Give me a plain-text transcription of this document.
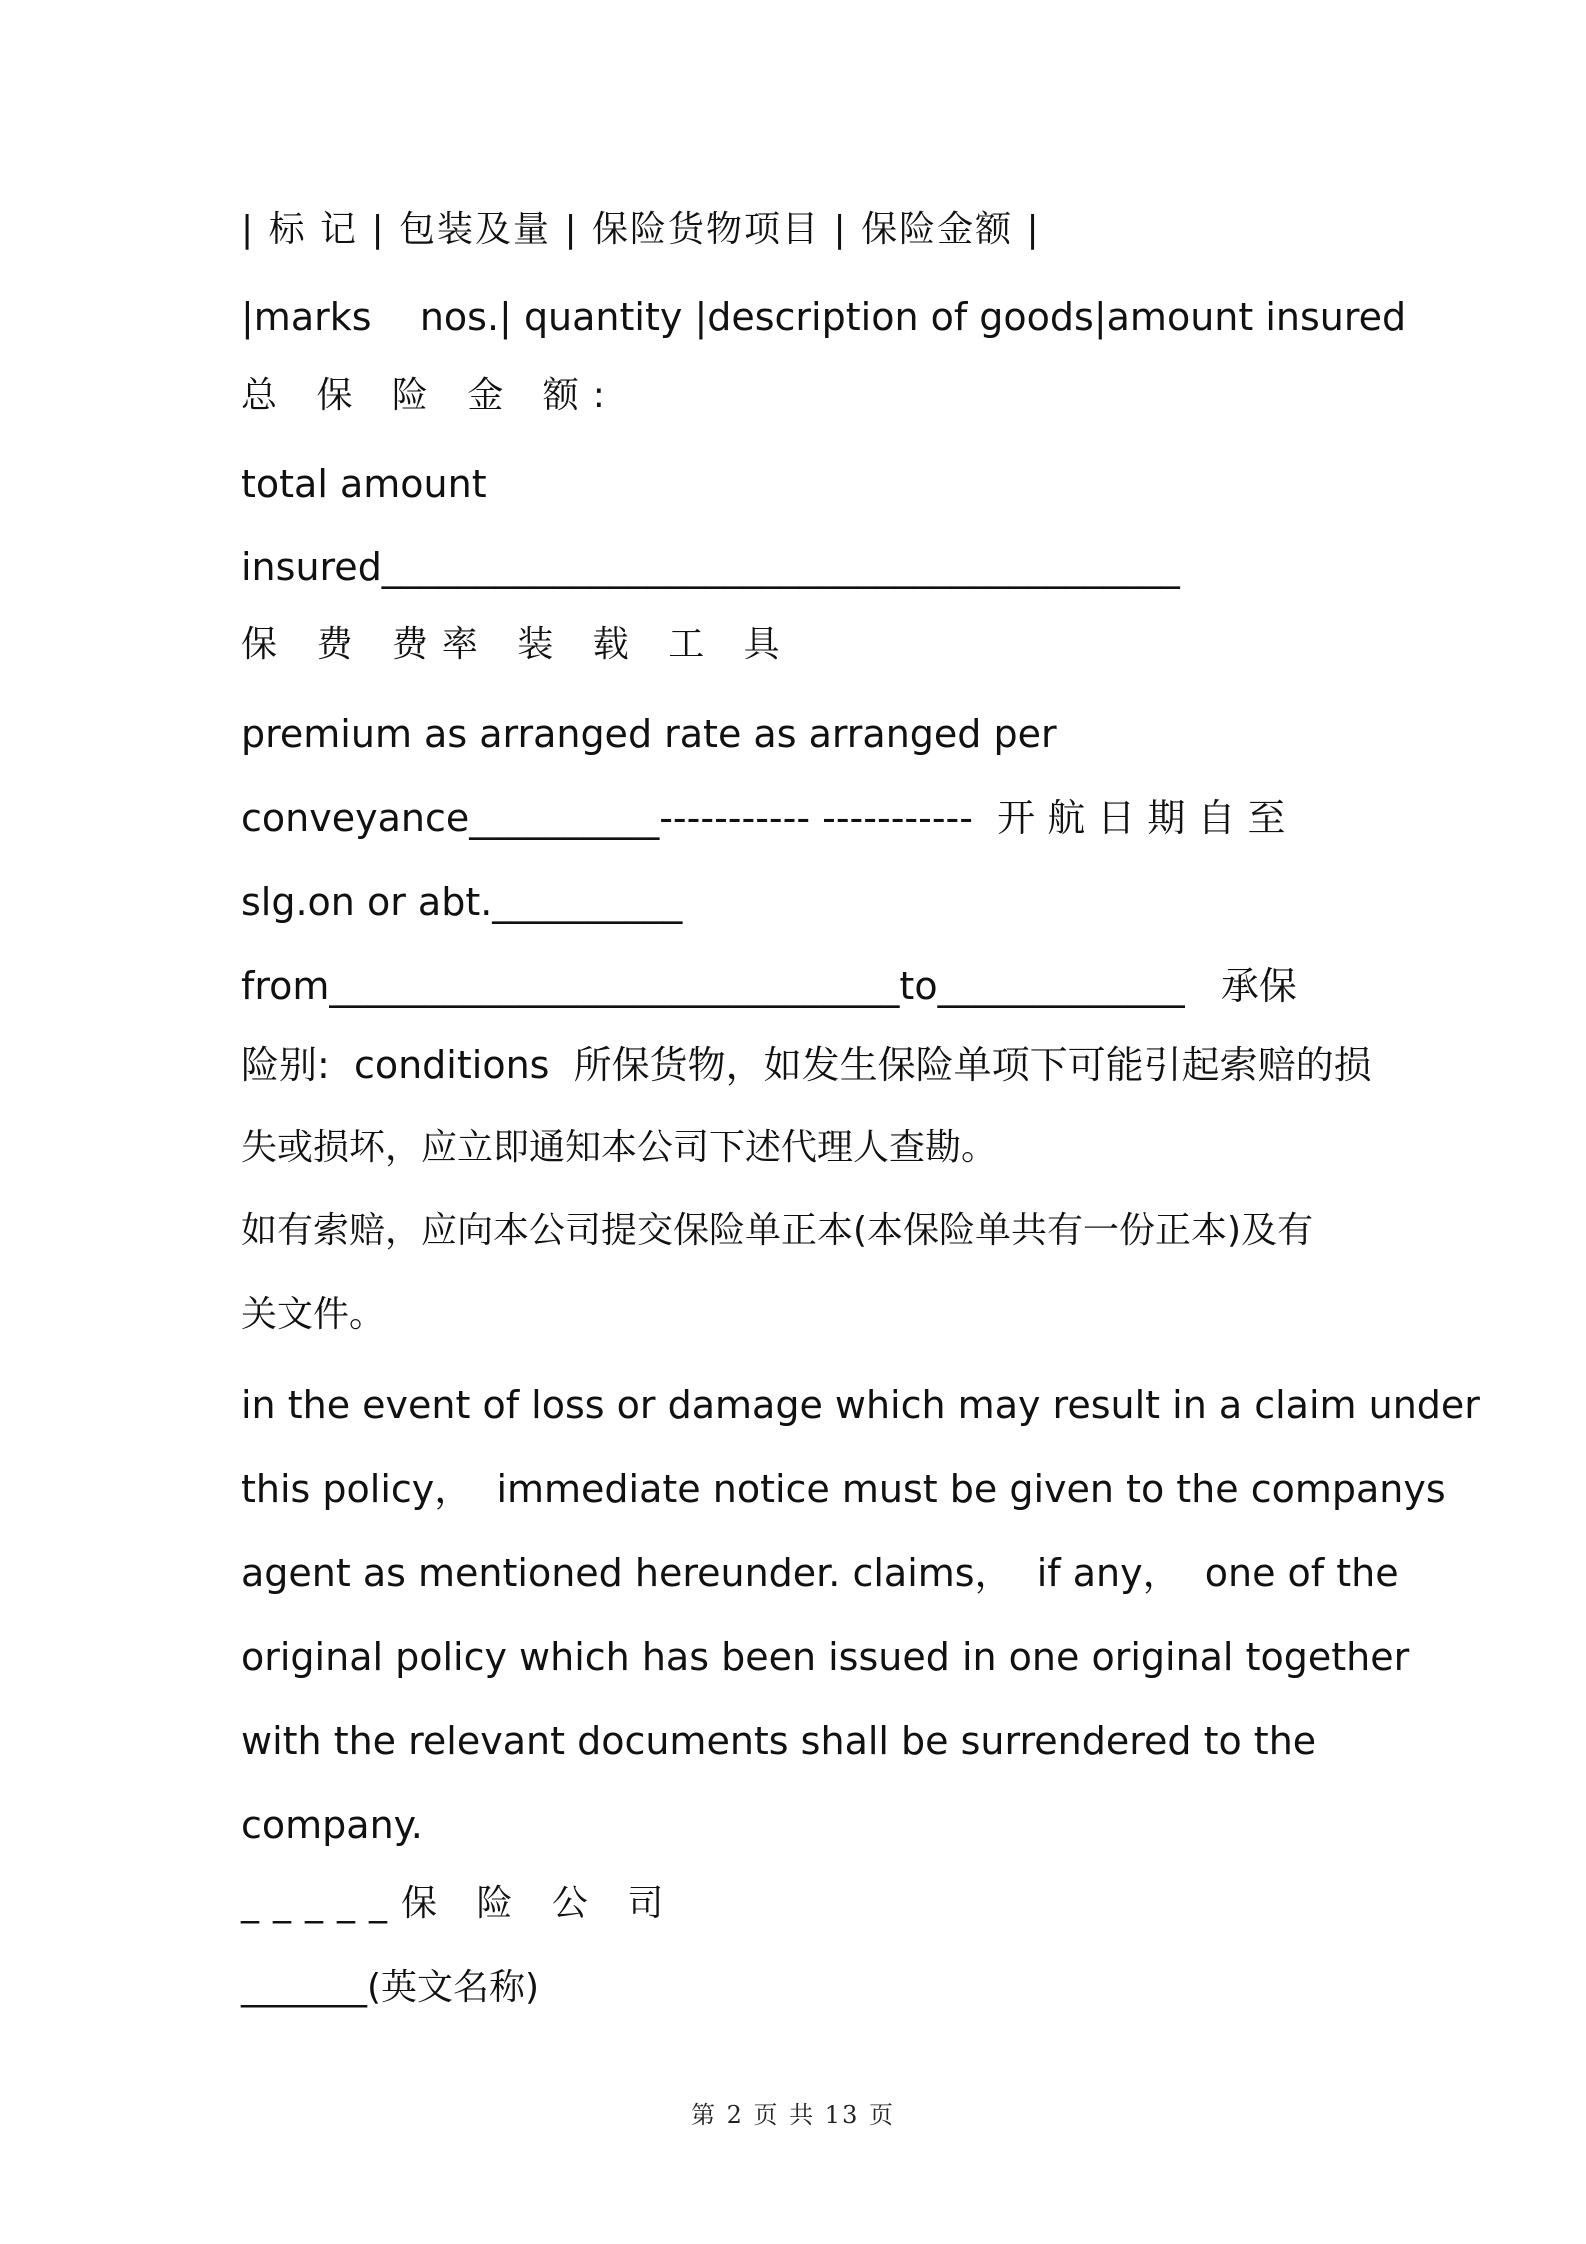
| 标 记 | 包装及量 | 保险货物项目 | 保险金额 |
|marks    nos.| quantity |description of goods|amount insured
总 保 险 金 额:
total amount
insured__________________________________________
保 费 费率 装 载 工 具
premium as arranged rate as arranged per
conveyance__________----------- -----------  开 航 日 期 自 至
slg.on or abt.__________
from______________________________to_____________   承保
险别:  conditions  所保货物，如发生保险单项下可能引起索赔的损
失或损坏，应立即通知本公司下述代理人查勘。
如有索赔，应向本公司提交保险单正本(本保险单共有一份正本)及有
关文件。
in the event of loss or damage which may result in a claim under
this policy，  immediate notice must be given to the companys
agent as mentioned hereunder. claims，  if any，  one of the
original policy which has been issued in one original together
with the relevant documents shall be surrendered to the
company.
_____保 险 公 司
_______(英文名称)
第 2 页 共 13 页
